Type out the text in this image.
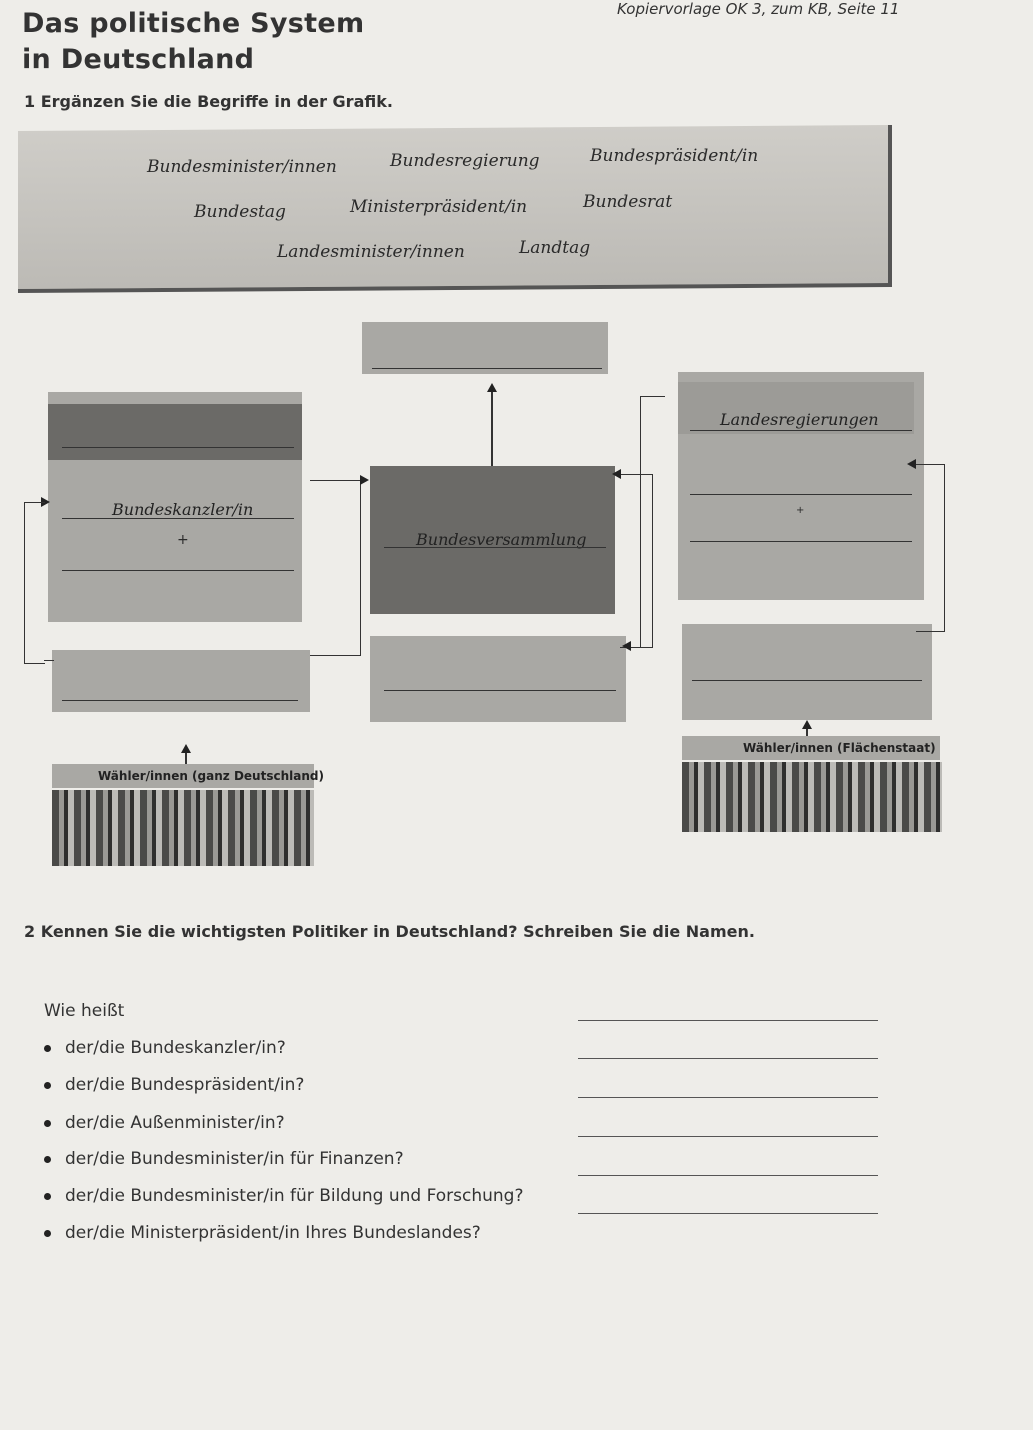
Das politische System
in Deutschland
Kopiervorlage OK 3, zum KB, Seite 11
1 Ergänzen Sie die Begriffe in der Grafik.
Bundesminister/innen	Bundesregierung	Bundespräsident/in
Bundestag	Ministerpräsident/in	Bundesrat
Landesminister/innen	Landtag
Bundeskanzler/in
+	Bundesversammlung
Landesregierungen
+
Wähler/innen (ganz Deutschland)
Wähler/innen (Flächenstaat)
2 Kennen Sie die wichtigsten Politiker in Deutschland? Schreiben Sie die Namen.
Wie heißt
der/die Bundeskanzler/in?
der/die Bundespräsident/in?
der/die Außenminister/in?
der/die Bundesminister/in für Finanzen?
der/die Bundesminister/in für Bildung und Forschung?
der/die Ministerpräsident/in Ihres Bundeslandes?
